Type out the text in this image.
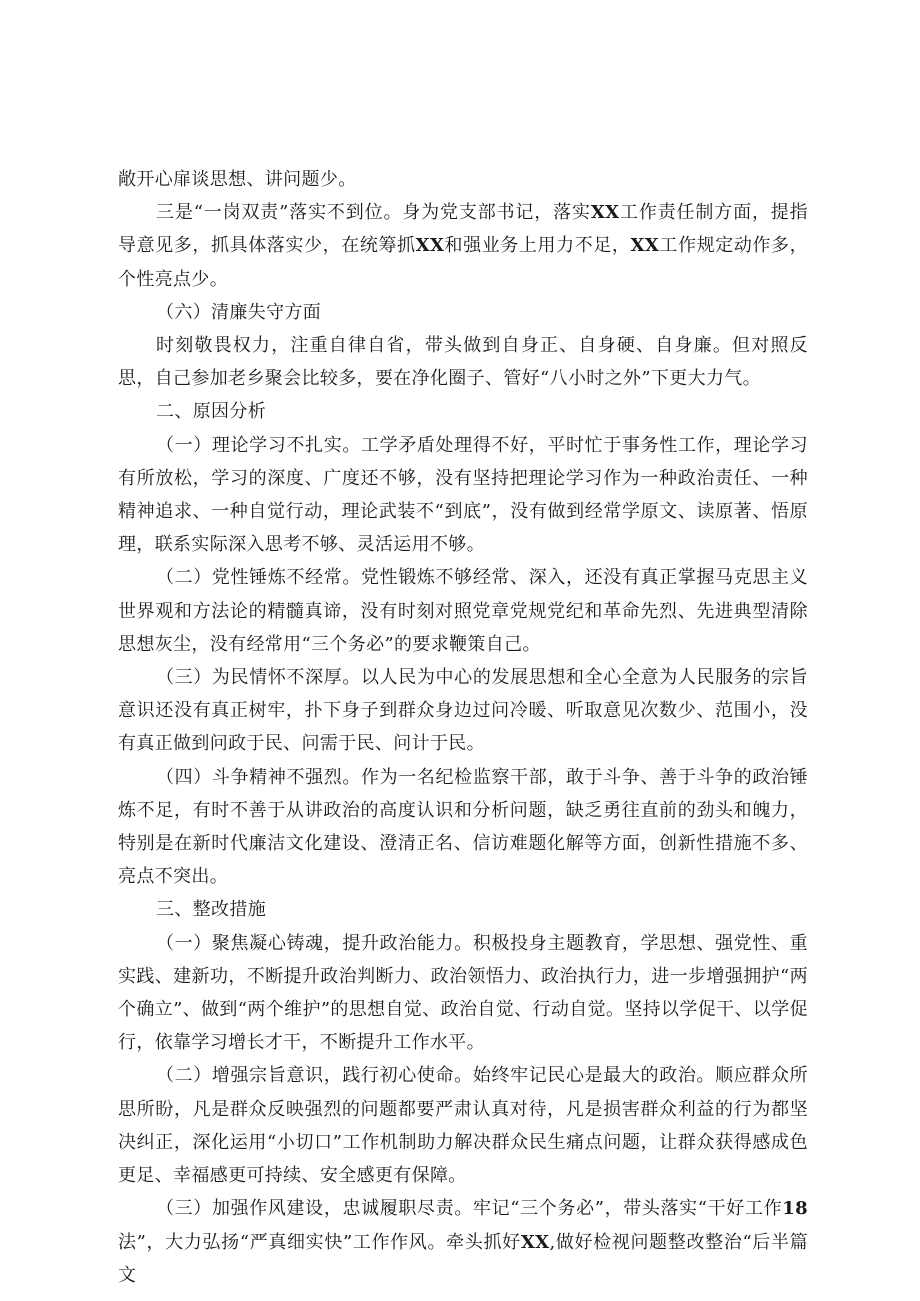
敞开心扉谈思想、讲问题少。

三是“一岗双责”落实不到位。身为党支部书记，落实XX工作责任制方面，提指导意见多，抓具体落实少，在统筹抓XX和强业务上用力不足，XX工作规定动作多，个性亮点少。

（六）清廉失守方面

时刻敬畏权力，注重自律自省，带头做到自身正、自身硬、自身廉。但对照反思，自己参加老乡聚会比较多，要在净化圈子、管好“八小时之外”下更大力气。

二、原因分析

（一）理论学习不扎实。工学矛盾处理得不好，平时忙于事务性工作，理论学习有所放松，学习的深度、广度还不够，没有坚持把理论学习作为一种政治责任、一种精神追求、一种自觉行动，理论武装不“到底”，没有做到经常学原文、读原著、悟原理，联系实际深入思考不够、灵活运用不够。

（二）党性锤炼不经常。党性锻炼不够经常、深入，还没有真正掌握马克思主义世界观和方法论的精髓真谛，没有时刻对照党章党规党纪和革命先烈、先进典型清除思想灰尘，没有经常用“三个务必”的要求鞭策自己。

（三）为民情怀不深厚。以人民为中心的发展思想和全心全意为人民服务的宗旨意识还没有真正树牢，扑下身子到群众身边过问冷暖、听取意见次数少、范围小，没有真正做到问政于民、问需于民、问计于民。

（四）斗争精神不强烈。作为一名纪检监察干部，敢于斗争、善于斗争的政治锤炼不足，有时不善于从讲政治的高度认识和分析问题，缺乏勇往直前的劲头和魄力，特别是在新时代廉洁文化建设、澄清正名、信访难题化解等方面，创新性措施不多、亮点不突出。

三、整改措施

（一）聚焦凝心铸魂，提升政治能力。积极投身主题教育，学思想、强党性、重实践、建新功，不断提升政治判断力、政治领悟力、政治执行力，进一步增强拥护“两个确立”、做到“两个维护”的思想自觉、政治自觉、行动自觉。坚持以学促干、以学促行，依靠学习增长才干，不断提升工作水平。

（二）增强宗旨意识，践行初心使命。始终牢记民心是最大的政治。顺应群众所思所盼，凡是群众反映强烈的问题都要严肃认真对待，凡是损害群众利益的行为都坚决纠正，深化运用“小切口”工作机制助力解决群众民生痛点问题，让群众获得感成色更足、幸福感更可持续、安全感更有保障。

（三）加强作风建设，忠诚履职尽责。牢记“三个务必”，带头落实“干好工作18法”，大力弘扬“严真细实快”工作作风。牵头抓好XX,做好检视问题整改整治“后半篇文
